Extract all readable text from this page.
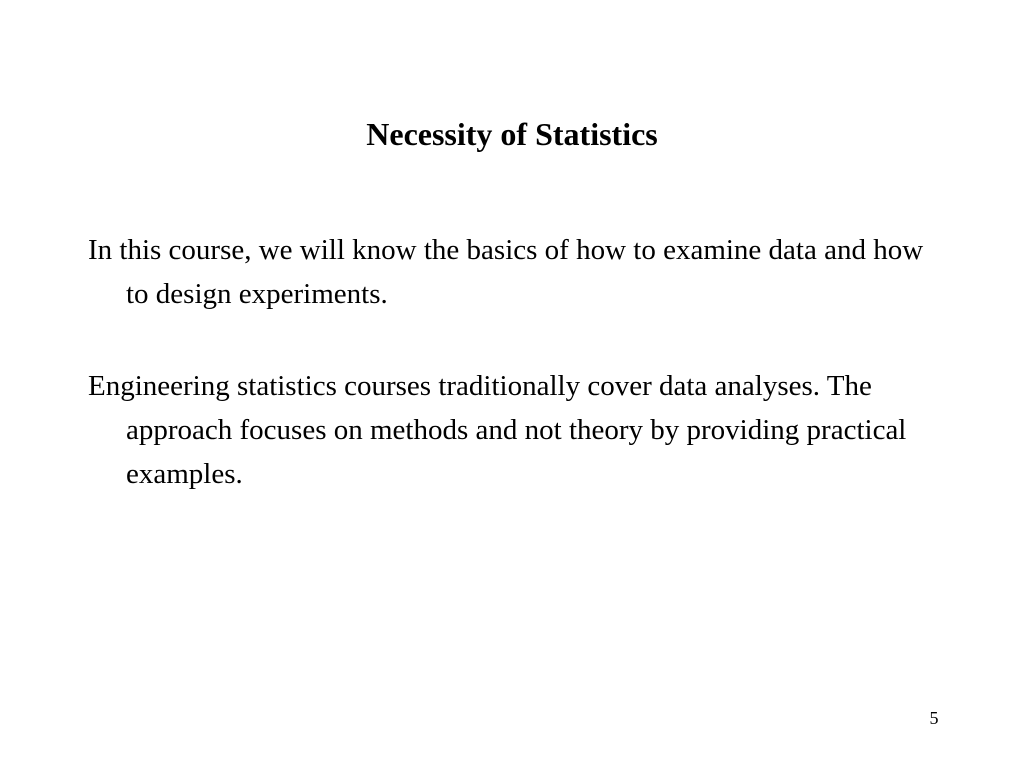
Necessity of Statistics

In this course, we will know the basics of how to examine data and how to design experiments.

Engineering statistics courses traditionally cover data analyses. The approach focuses on methods and not theory by providing practical examples.

5
